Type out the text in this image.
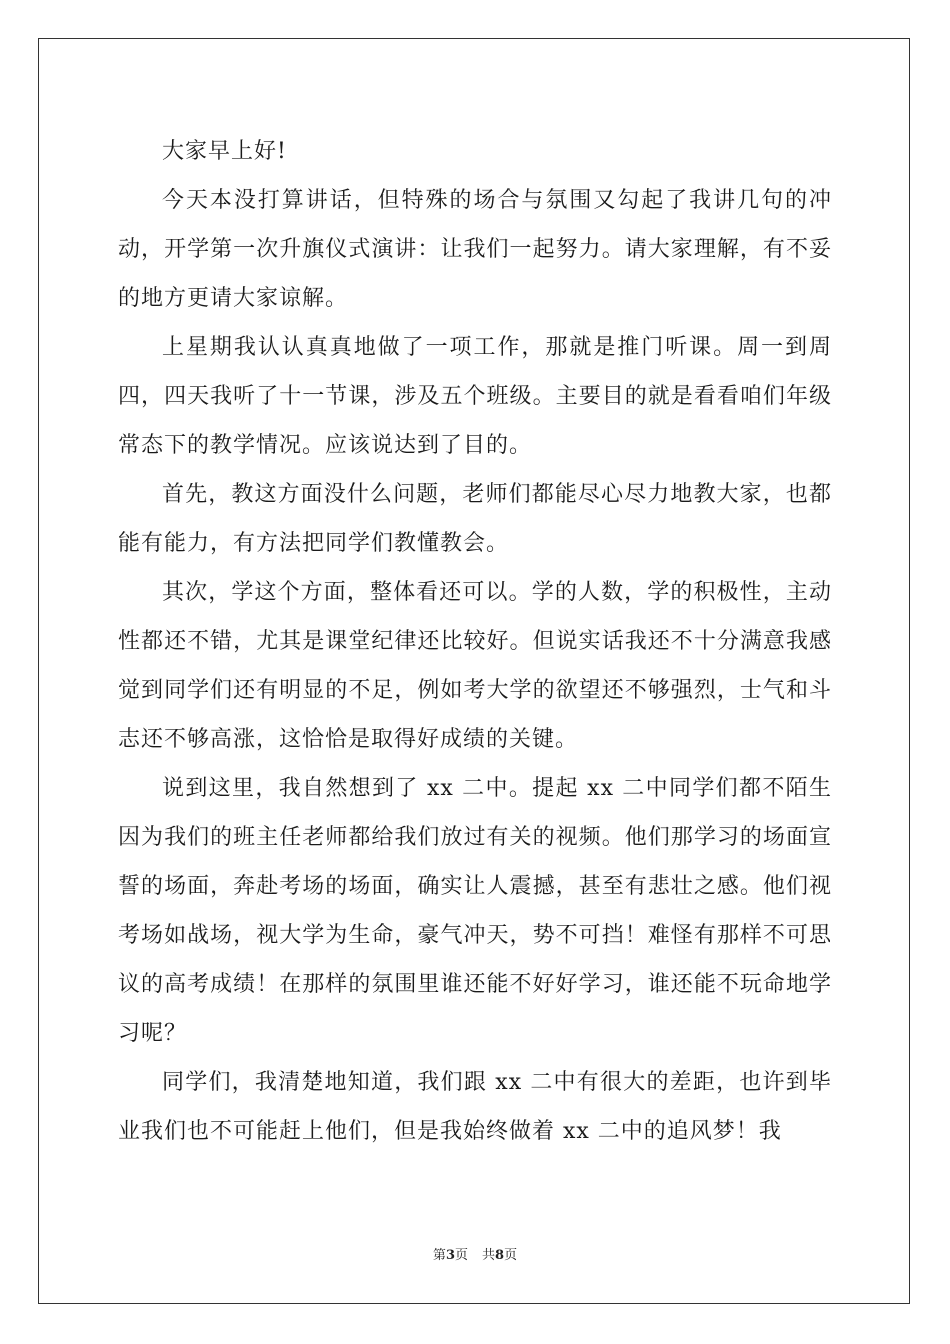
大家早上好!

今天本没打算讲话，但特殊的场合与氛围又勾起了我讲几句的冲动，开学第一次升旗仪式演讲：让我们一起努力。请大家理解，有不妥的地方更请大家谅解。

上星期我认认真真地做了一项工作，那就是推门听课。周一到周四，四天我听了十一节课，涉及五个班级。主要目的就是看看咱们年级常态下的教学情况。应该说达到了目的。

首先，教这方面没什么问题，老师们都能尽心尽力地教大家，也都能有能力，有方法把同学们教懂教会。

其次，学这个方面，整体看还可以。学的人数，学的积极性，主动性都还不错，尤其是课堂纪律还比较好。但说实话我还不十分满意我感觉到同学们还有明显的不足，例如考大学的欲望还不够强烈，士气和斗志还不够高涨，这恰恰是取得好成绩的关键。

说到这里，我自然想到了 xx 二中。提起 xx 二中同学们都不陌生因为我们的班主任老师都给我们放过有关的视频。他们那学习的场面宣誓的场面，奔赴考场的场面，确实让人震撼，甚至有悲壮之感。他们视考场如战场，视大学为生命，豪气冲天，势不可挡！难怪有那样不可思议的高考成绩！在那样的氛围里谁还能不好好学习，谁还能不玩命地学习呢？

同学们，我清楚地知道，我们跟 xx 二中有很大的差距，也许到毕业我们也不可能赶上他们，但是我始终做着 xx 二中的追风梦！我

第3页 共8页
